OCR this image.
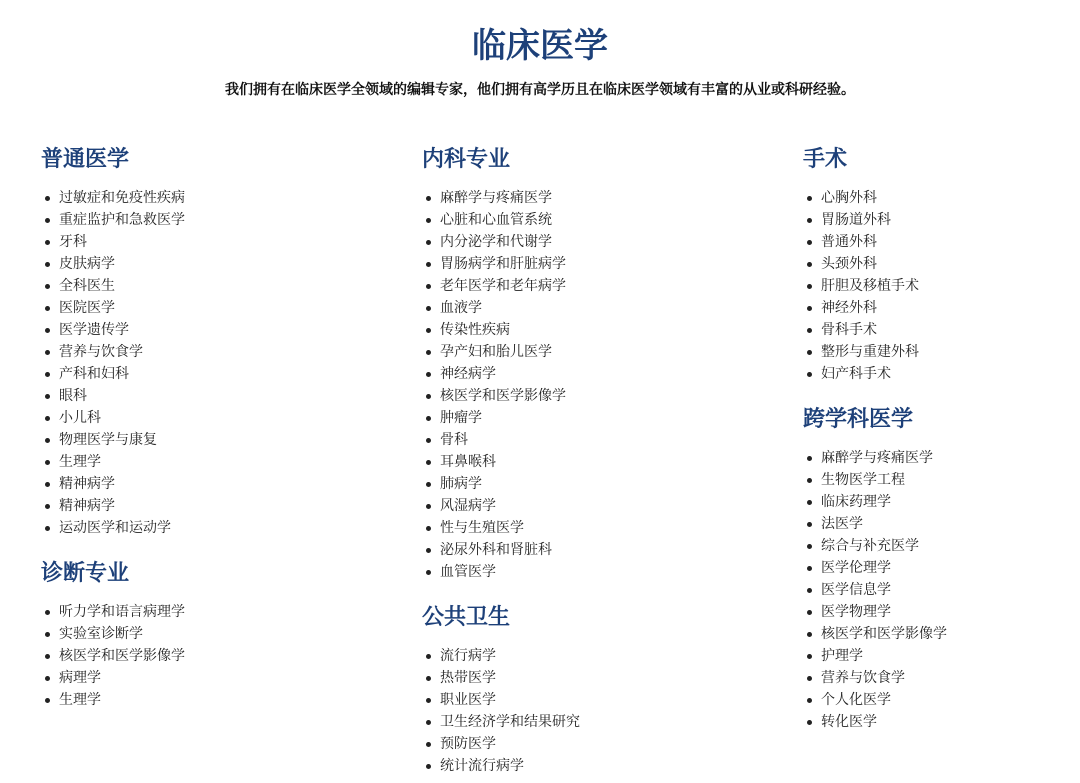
临床医学

我们拥有在临床医学全领域的编辑专家，他们拥有高学历且在临床医学领域有丰富的从业或科研经验。

普通医学
过敏症和免疫性疾病
重症监护和急救医学
牙科
皮肤病学
全科医生
医院医学
医学遗传学
营养与饮食学
产科和妇科
眼科
小儿科
物理医学与康复
生理学
精神病学
精神病学
运动医学和运动学
诊断专业
听力学和语言病理学
实验室诊断学
核医学和医学影像学
病理学
生理学
内科专业
麻醉学与疼痛医学
心脏和心血管系统
内分泌学和代谢学
胃肠病学和肝脏病学
老年医学和老年病学
血液学
传染性疾病
孕产妇和胎儿医学
神经病学
核医学和医学影像学
肿瘤学
骨科
耳鼻喉科
肺病学
风湿病学
性与生殖医学
泌尿外科和肾脏科
血管医学
公共卫生
流行病学
热带医学
职业医学
卫生经济学和结果研究
预防医学
统计流行病学
手术
心胸外科
胃肠道外科
普通外科
头颈外科
肝胆及移植手术
神经外科
骨科手术
整形与重建外科
妇产科手术
跨学科医学
麻醉学与疼痛医学
生物医学工程
临床药理学
法医学
综合与补充医学
医学伦理学
医学信息学
医学物理学
核医学和医学影像学
护理学
营养与饮食学
个人化医学
转化医学
